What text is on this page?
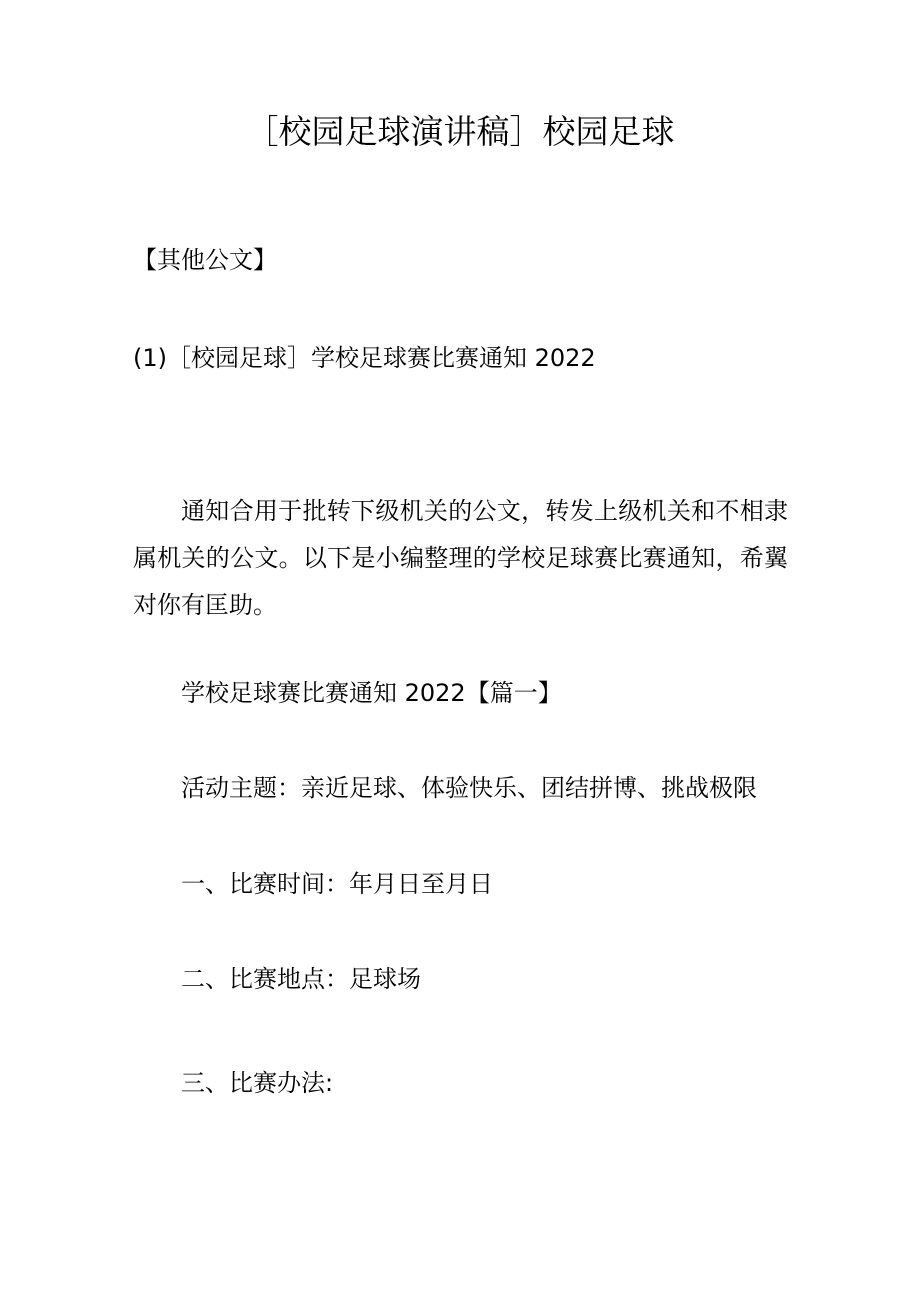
［校园足球演讲稿］校园足球
【其他公文】
(1)［校园足球］学校足球赛比赛通知 2022
通知合用于批转下级机关的公文，转发上级机关和不相隶属机关的公文。以下是小编整理的学校足球赛比赛通知，希翼对你有匡助。
学校足球赛比赛通知 2022【篇一】
活动主题：亲近足球、体验快乐、团结拼博、挑战极限
一、比赛时间：年月日至月日
二、比赛地点：足球场
三、比赛办法:
